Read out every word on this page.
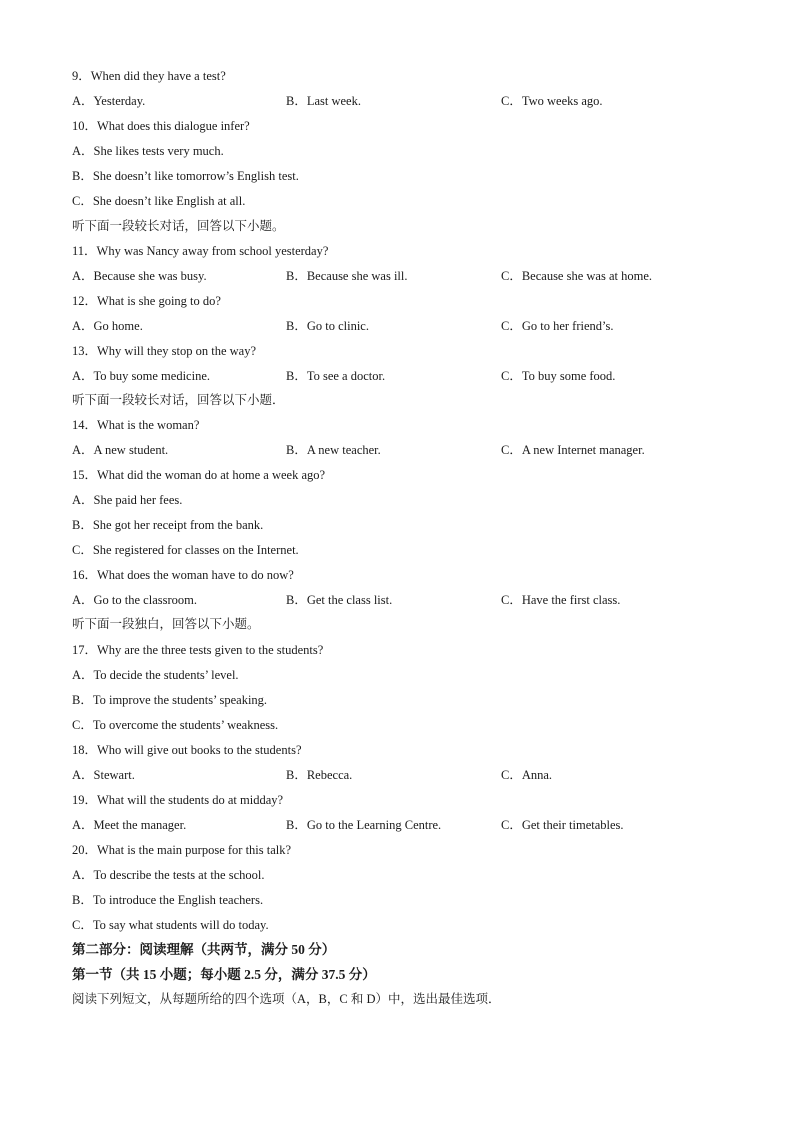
9．When did they have a test?
A．Yesterday.	B．Last week.	C．Two weeks ago.
10．What does this dialogue infer?
A．She likes tests very much.
B．She doesn’t like tomorrow’s English test.
C．She doesn’t like English at all.
听下面一段较长对话，回答以下小题。
11．Why was Nancy away from school yesterday?
A．Because she was busy.	B．Because she was ill.	C．Because she was at home.
12．What is she going to do?
A．Go home.	B．Go to clinic.	C．Go to her friend’s.
13．Why will they stop on the way?
A．To buy some medicine.	B．To see a doctor.	C．To buy some food.
听下面一段较长对话，回答以下小题．
14．What is the woman?
A．A new student.	B．A new teacher.	C．A new Internet manager.
15．What did the woman do at home a week ago?
A．She paid her fees.
B．She got her receipt from the bank.
C．She registered for classes on the Internet.
16．What does the woman have to do now?
A．Go to the classroom.	B．Get the class list.	C．Have the first class.
听下面一段独白，回答以下小题。
17．Why are the three tests given to the students?
A．To decide the students’ level.
B．To improve the students’ speaking.
C．To overcome the students’ weakness.
18．Who will give out books to the students?
A．Stewart.	B．Rebecca.	C．Anna.
19．What will the students do at midday?
A．Meet the manager.	B．Go to the Learning Centre.	C．Get their timetables.
20．What is the main purpose for this talk?
A．To describe the tests at the school.
B．To introduce the English teachers.
C．To say what students will do today.
第二部分：阅读理解（共两节，满分 50 分）
第一节（共 15 小题；每小题 2.5 分，满分 37.5 分）
阅读下列短文，从每题所给的四个选项（A，B，C 和 D）中，选出最佳选项．
